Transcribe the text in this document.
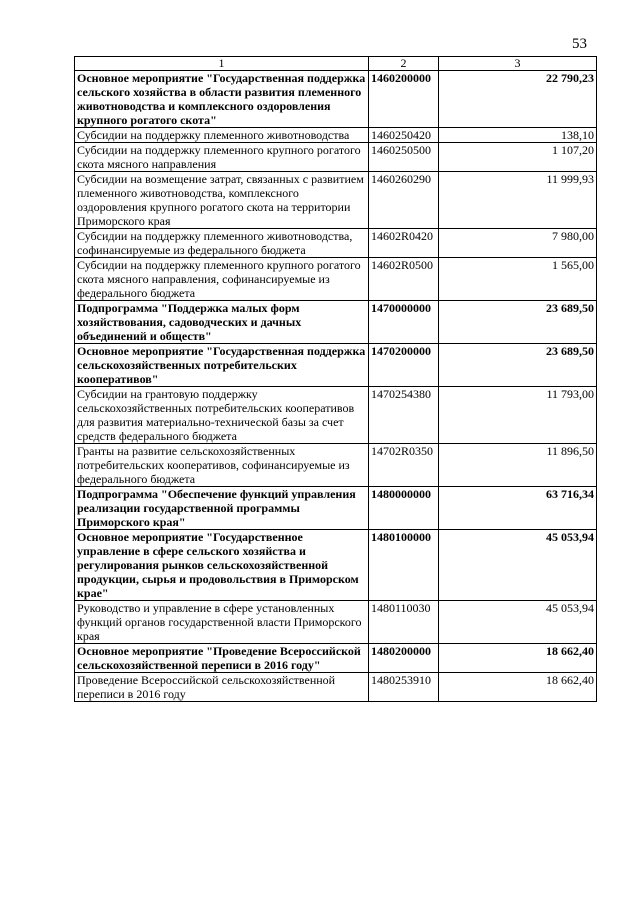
53
1	2	3
Основное мероприятие "Государственная поддержка сельского хозяйства в области развития племенного животноводства и комплексного оздоровления крупного рогатого скота"	1460200000	22 790,23
Субсидии на поддержку племенного животноводства	1460250420	138,10
Субсидии на поддержку племенного крупного рогатого скота мясного направления	1460250500	1 107,20
Субсидии на возмещение затрат, связанных с развитием племенного животноводства, комплексного оздоровления крупного рогатого скота на территории Приморского края	1460260290	11 999,93
Субсидии на поддержку племенного животноводства, софинансируемые из федерального бюджета	14602R0420	7 980,00
Субсидии на поддержку племенного крупного рогатого скота мясного направления, софинансируемые из федерального бюджета	14602R0500	1 565,00
Подпрограмма "Поддержка малых форм хозяйствования, садоводческих и дачных объединений и обществ"	1470000000	23 689,50
Основное мероприятие "Государственная поддержка сельскохозяйственных потребительских кооперативов"	1470200000	23 689,50
Субсидии на грантовую поддержку сельскохозяйственных потребительских кооперативов для развития материально-технической базы за счет средств федерального бюджета	1470254380	11 793,00
Гранты на развитие сельскохозяйственных потребительских кооперативов, софинансируемые из федерального бюджета	14702R0350	11 896,50
Подпрограмма "Обеспечение функций управления реализации государственной программы Приморского края"	1480000000	63 716,34
Основное мероприятие "Государственное управление в сфере сельского хозяйства и регулирования рынков сельскохозяйственной продукции, сырья и продовольствия в Приморском крае"	1480100000	45 053,94
Руководство и управление в сфере установленных функций органов государственной власти Приморского края	1480110030	45 053,94
Основное мероприятие "Проведение Всероссийской сельскохозяйственной переписи в 2016 году"	1480200000	18 662,40
Проведение Всероссийской сельскохозяйственной переписи в 2016 году	1480253910	18 662,40
